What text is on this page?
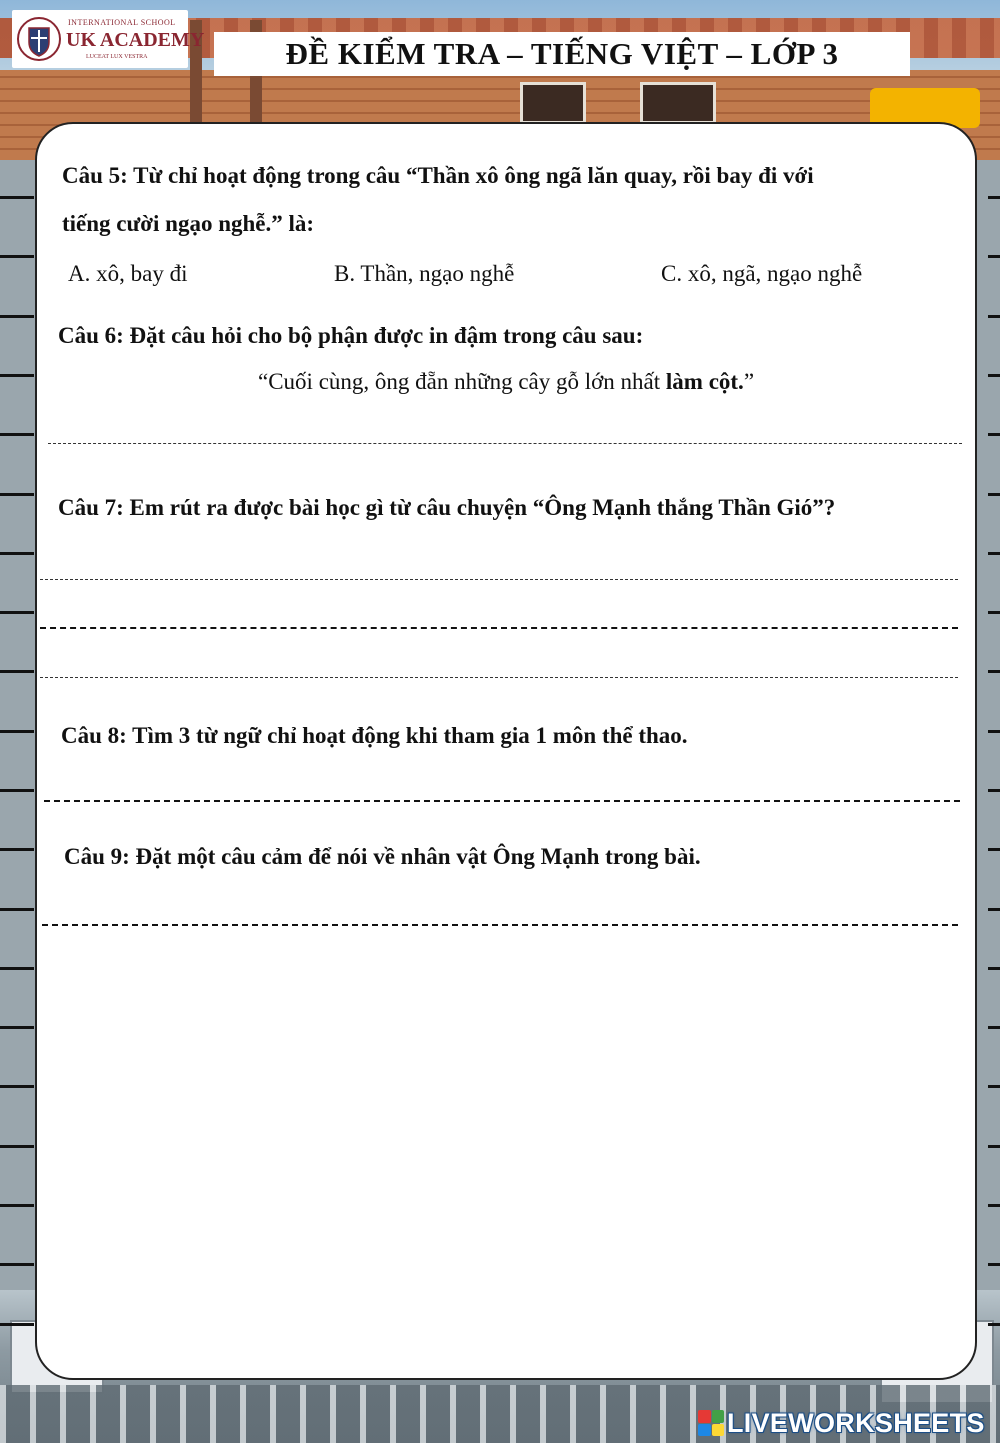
INTERNATIONAL SCHOOL
UK ACADEMY
LUCEAT LUX VESTRA	ĐỀ KIỂM TRA – TIẾNG VIỆT – LỚP 3
Câu 5: Từ chỉ hoạt động trong câu “Thần xô ông ngã lăn quay, rồi bay đi với
tiếng cười ngạo nghễ.” là:
A. xô, bay đi	B. Thần, ngạo nghễ	C. xô, ngã, ngạo nghễ
Câu 6: Đặt câu hỏi cho bộ phận được in đậm trong câu sau:
“Cuối cùng, ông đẵn những cây gỗ lớn nhất làm cột.”
Câu 7: Em rút ra được bài học gì từ câu chuyện “Ông Mạnh thắng Thần Gió”?
Câu 8: Tìm 3 từ ngữ chỉ hoạt động khi tham gia 1 môn thể thao.
Câu 9: Đặt một câu cảm để nói về nhân vật Ông Mạnh trong bài.
LIVEWORKSHEETS
